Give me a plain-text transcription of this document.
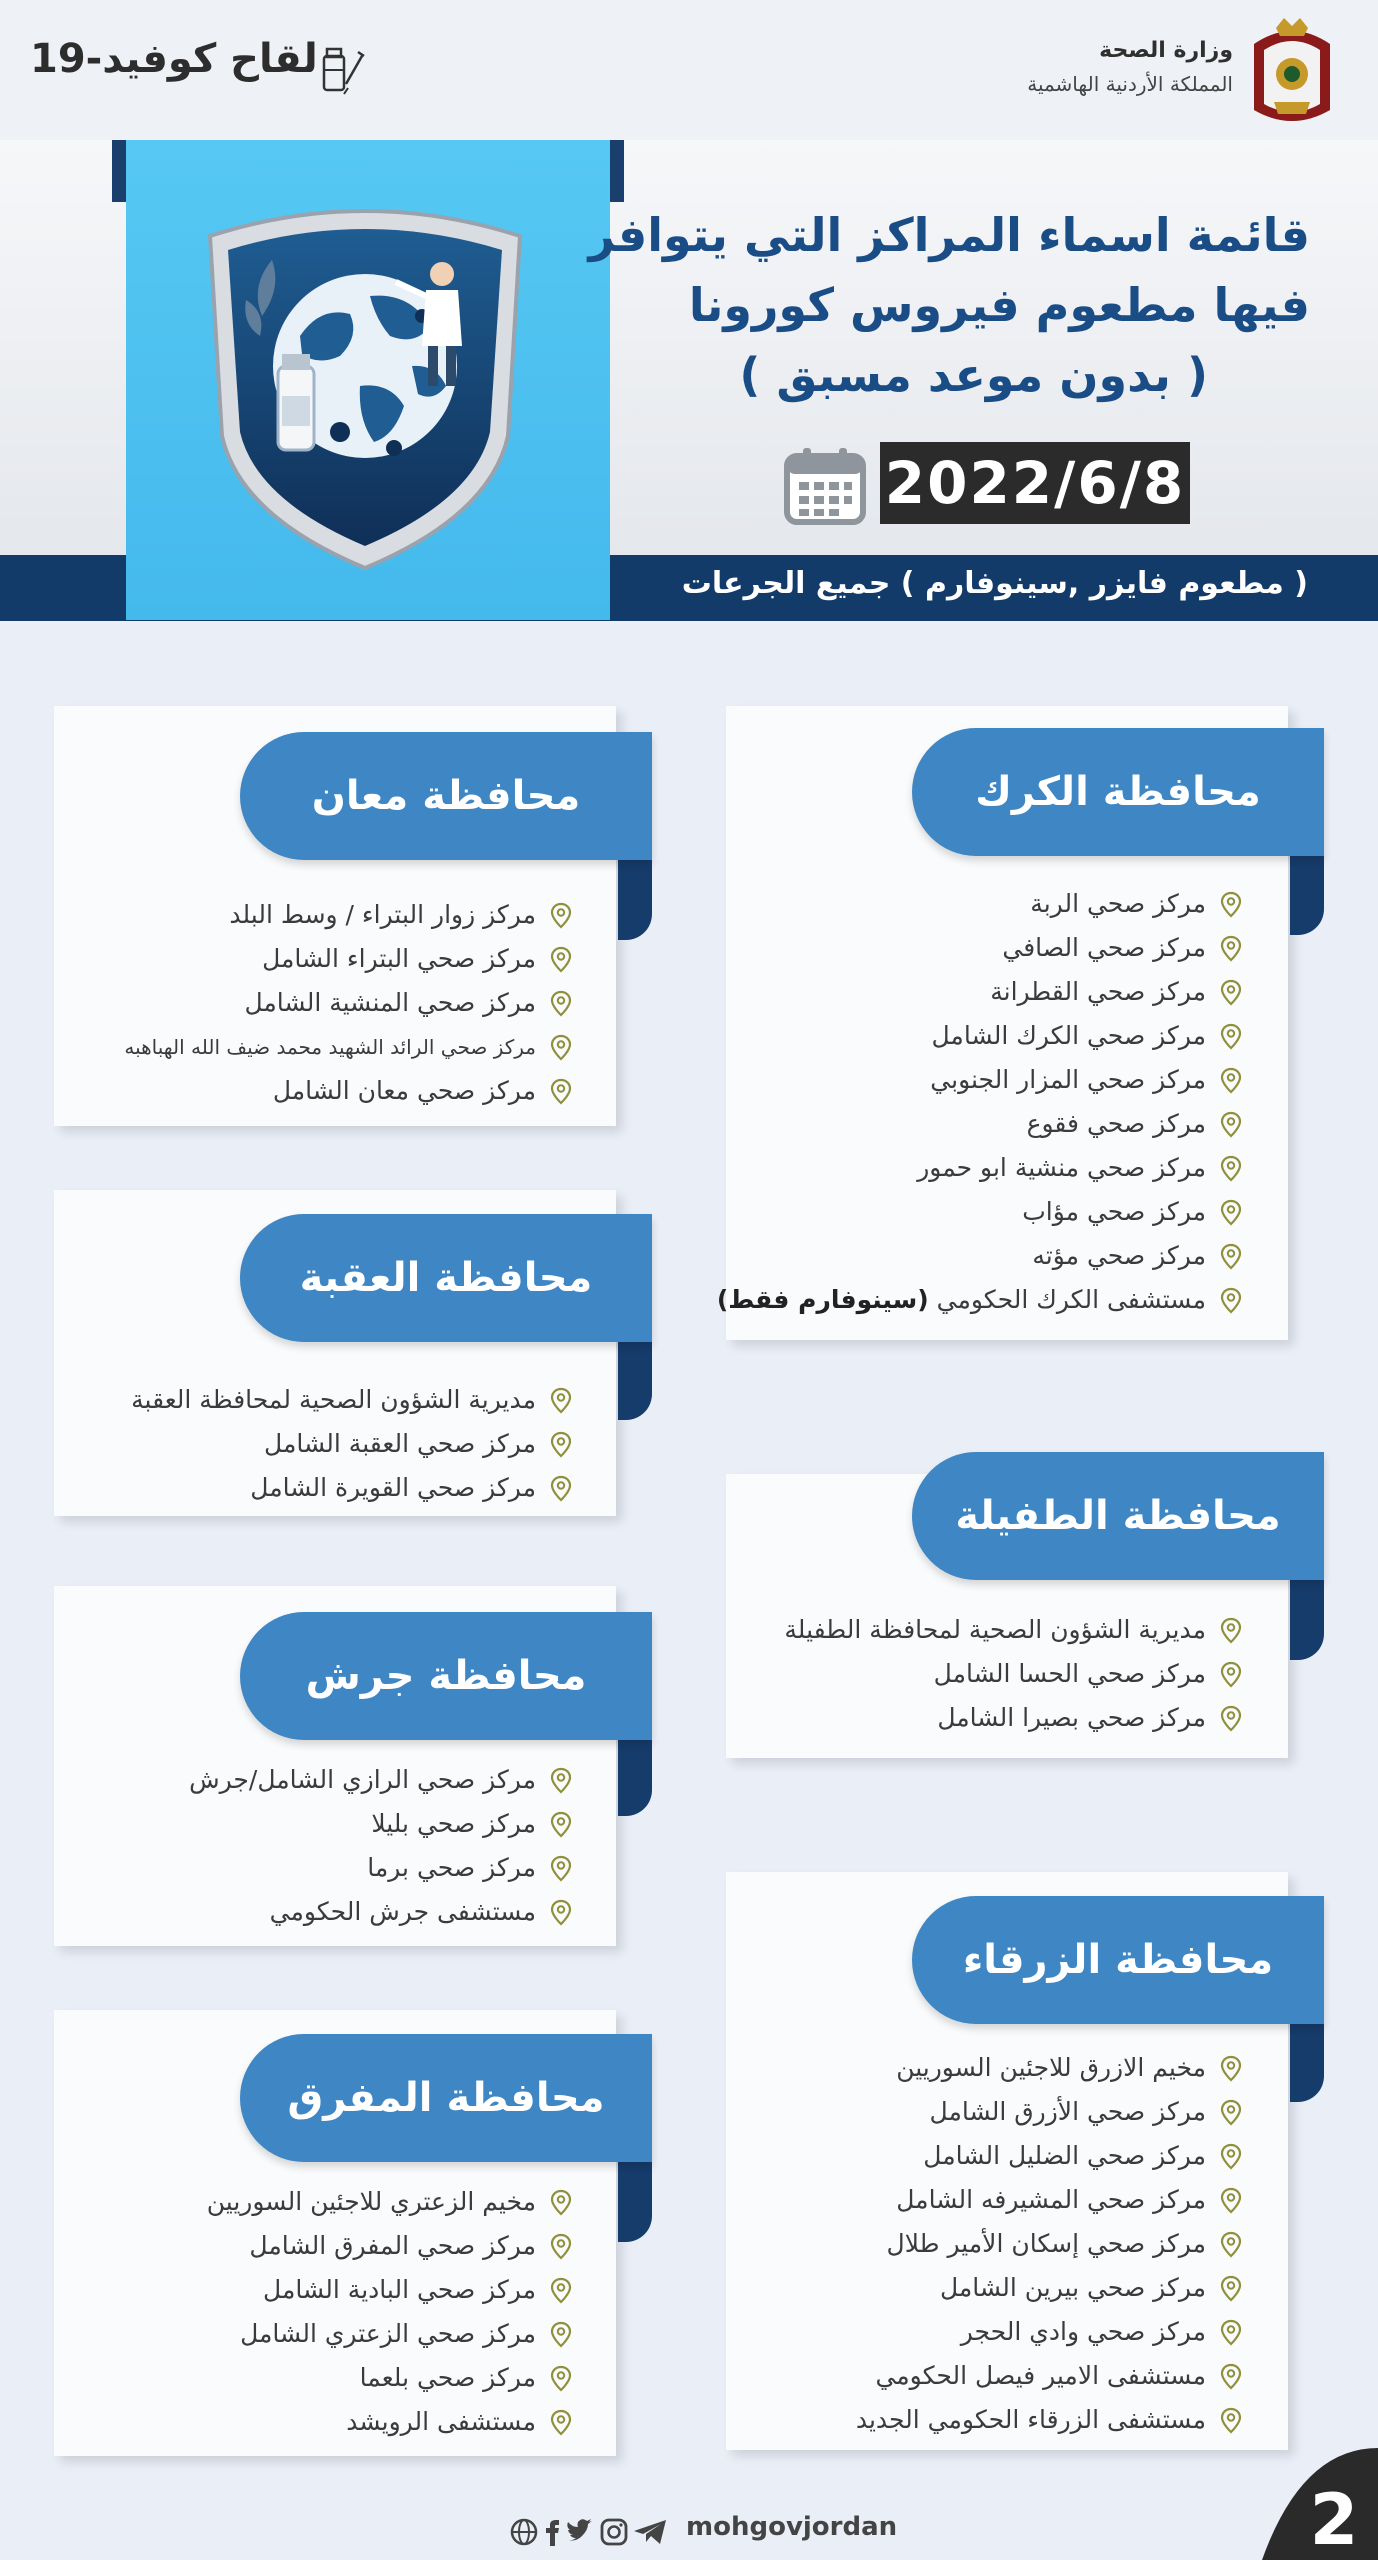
وزارة الصحة
المملكة الأردنية الهاشمية
لقاح كوفيد-19
قائمة اسماء المراكز التي يتوافر
فيها مطعوم فيروس كورونا
( بدون موعد مسبق )
2022/6/8
( مطعوم فايزر ,سينوفارم ) جميع الجرعات
محافظة الكرك
مركز صحي الربة
مركز صحي الصافي
مركز صحي القطرانة
مركز صحي الكرك الشامل
مركز صحي المزار الجنوبي
مركز صحي فقوع
مركز صحي منشية ابو حمور
مركز صحي مؤاب
مركز صحي مؤته
مستشفى الكرك الحكومي (سينوفارم فقط)
محافظة الطفيلة
مديرية الشؤون الصحية لمحافظة الطفيلة
مركز صحي الحسا الشامل
مركز صحي بصيرا الشامل
محافظة الزرقاء
مخيم الازرق للاجئين السوريين
مركز صحي الأزرق الشامل
مركز صحي الضليل الشامل
مركز صحي المشيرفه الشامل
مركز صحي إسكان الأمير طلال
مركز صحي بيرين الشامل
مركز صحي وادي الحجر
مستشفى الامير فيصل الحكومي
مستشفى الزرقاء الحكومي الجديد
محافظة معان
مركز زوار البتراء / وسط البلد
مركز صحي البتراء الشامل
مركز صحي المنشية الشامل
مركز صحي الرائد الشهيد محمد ضيف الله الهباهبه
مركز صحي معان الشامل
محافظة العقبة
مديرية الشؤون الصحية لمحافظة العقبة
مركز صحي العقبة الشامل
مركز صحي القويرة الشامل
محافظة جرش
مركز صحي الرازي الشامل/جرش
مركز صحي بليلا
مركز صحي برما
مستشفى جرش الحكومي
محافظة المفرق
مخيم الزعتري للاجئين السوريين
مركز صحي المفرق الشامل
مركز صحي البادية الشامل
مركز صحي الزعتري الشامل
مركز صحي بلعما
مستشفى الرويشد
mohgovjordan	2
